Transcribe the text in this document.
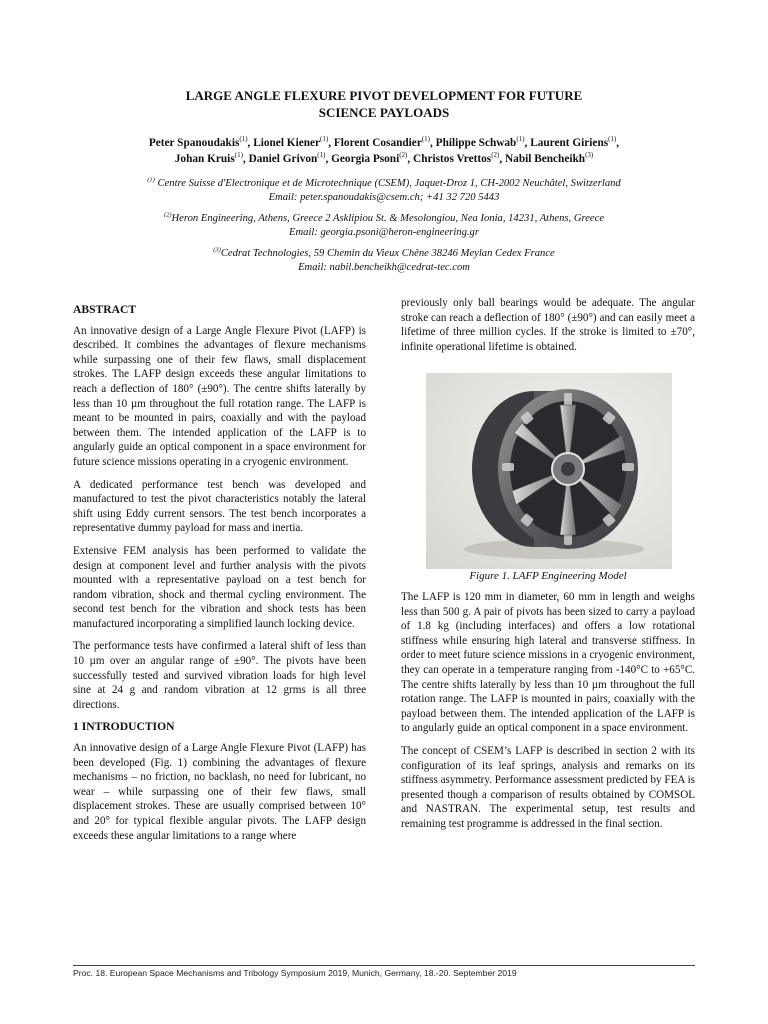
LARGE ANGLE FLEXURE PIVOT DEVELOPMENT FOR FUTURE
SCIENCE PAYLOADS
Peter Spanoudakis$^{(1)}$, Lionel Kiener$^{(1)}$, Florent Cosandier$^{(1)}$, Philippe Schwab$^{(1)}$, Laurent Giriens$^{(1)}$,
Johan Kruis$^{(1)}$, Daniel Grivon$^{(1)}$, Georgia Psoni$^{(2)}$, Christos Vrettos$^{(2)}$, Nabil Bencheikh$^{(3)}$
$^{(1)}$ Centre Suisse d'Electronique et de Microtechnique (CSEM), Jaquet-Droz 1, CH-2002 Neuchâtel, Switzerland
Email: peter.spanoudakis@csem.ch; +41 32 720 5443
$^{(2)}$Heron Engineering, Athens, Greece 2 Asklipiou St. & Mesolongiou, Nea Ionia, 14231, Athens, Greece
Email: georgia.psoni@heron-engineering.gr
$^{(3)}$Cedrat Technologies, 59 Chemin du Vieux Chêne 38246 Meylan Cedex France
Email: nabil.bencheikh@cedrat-tec.com
ABSTRACT

An innovative design of a Large Angle Flexure Pivot (LAFP) is described. It combines the advantages of flexure mechanisms while surpassing one of their few flaws, small displacement strokes. The LAFP design exceeds these angular limitations to reach a deflection of 180° (±90°). The centre shifts laterally by less than 10 µm throughout the full rotation range. The LAFP is meant to be mounted in pairs, coaxially and with the payload between them. The intended application of the LAFP is to angularly guide an optical component in a space environment for future science missions operating in a cryogenic environment.

A dedicated performance test bench was developed and manufactured to test the pivot characteristics notably the lateral shift using Eddy current sensors. The test bench incorporates a representative dummy payload for mass and inertia.

Extensive FEM analysis has been performed to validate the design at component level and further analysis with the pivots mounted with a representative payload on a test bench for random vibration, shock and thermal cycling environment. The second test bench for the vibration and shock tests has been manufactured incorporating a simplified launch locking device.

The performance tests have confirmed a lateral shift of less than 10 µm over an angular range of ±90°. The pivots have been successfully tested and survived vibration loads for high level sine at 24 g and random vibration at 12 grms is all three directions.

1 INTRODUCTION

An innovative design of a Large Angle Flexure Pivot (LAFP) has been developed (Fig. 1) combining the advantages of flexure mechanisms – no friction, no backlash, no need for lubricant, no wear – while surpassing one of their few flaws, small displacement strokes. These are usually comprised between 10° and 20° for typical flexible angular pivots. The LAFP design exceeds these angular limitations to a range where

previously only ball bearings would be adequate. The angular stroke can reach a deflection of 180° (±90°) and can easily meet a lifetime of three million cycles. If the stroke is limited to ±70°, infinite operational lifetime is obtained.

Figure 1. LAFP Engineering Model

The LAFP is 120 mm in diameter, 60 mm in length and weighs less than 500 g. A pair of pivots has been sized to carry a payload of 1.8 kg (including interfaces) and offers a low rotational stiffness while ensuring high lateral and transverse stiffness. In order to meet future science missions in a cryogenic environment, they can operate in a temperature ranging from -140°C to +65°C. The centre shifts laterally by less than 10 µm throughout the full rotation range. The LAFP is mounted in pairs, coaxially with the payload between them. The intended application of the LAFP is to angularly guide an optical component in a space environment.

The concept of CSEM’s LAFP is described in section 2 with its configuration of its leaf springs, analysis and remarks on its stiffness asymmetry. Performance assessment predicted by FEA is presented though a comparison of results obtained by COMSOL and NASTRAN. The experimental setup, test results and remaining test programme is addressed in the final section.

Proc. 18. European Space Mechanisms and Tribology Symposium 2019, Munich, Germany, 18.-20. September 2019
